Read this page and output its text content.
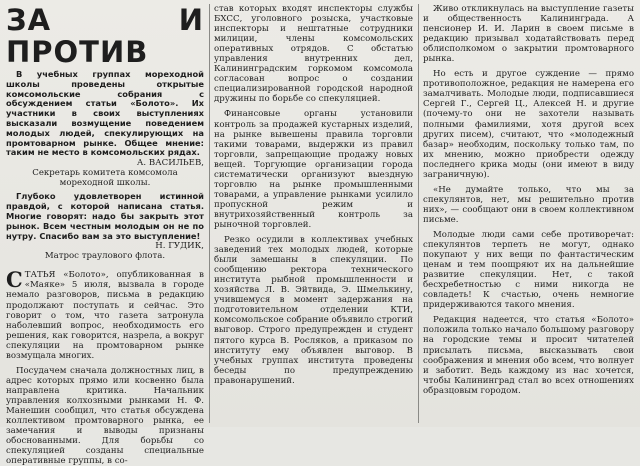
ЗА И ПРОТИВ

В учебных группах мореходной школы проведены открытые комсомольские собрания с обсуждением статьи «Болото». Их участники в своих выступлениях высказали возмущение поведением молодых людей, спекулирующих на промтоварном рынке. Общее мнение: таким не место в комсомольских рядах.

А. ВАСИЛЬЕВ,

Секретарь комитета комсомола мореходной школы.

Глубоко удовлетворен истинной правдой, с которой написана статья. Многие говорят: надо бы закрыть этот рынок. Всем честным молодым он не по нутру. Спасибо вам за это выступление!

Н. ГУДИК,

Матрос траулового флота.

СТАТЬЯ «Болото», опубликованная в «Маяке» 5 июля, вызвала в городе немало разговоров, письма в редакцию продолжают поступать и сейчас. Это говорит о том, что газета затронула наболевший вопрос, необходимость его решения, как говорится, назрела, а вокруг спекуляции на промтоварном рынке возмущала многих.

Посудачем сначала должностных лиц, в адрес которых прямо или косвенно была направлена критика. Начальник управления колхозными рынками Н. Ф. Манешин сообщил, что статья обсуждена коллективом промтоварного рынка, ее замечания и выводы признаны обоснованными. Для борьбы со спекуляцией созданы специальные оперативные группы, в со-

став которых входят инспекторы службы БХСС, уголовного розыска, участковые инспекторы и нештатные сотрудники милиции, члены комсомольских оперативных отрядов. С обстатью управления внутренних дел, Калининградским горкомом комсомола согласован вопрос о создании специализированной городской народной дружины по борьбе со спекуляцией.

Финансовые органы установили контроль за продажей кустарных изделий, на рынке вывешены правила торговли такими товарами, выдержки из правил торговли, запрещающие продажу новых вещей. Торгующие организации города систематически организуют выездную торговлю на рынке промышленными товарами, а управление рынками усилило пропускной режим и внутрихозяйственный контроль за рыночной торговлей.

Резко осудили в коллективах учебных заведений тех молодых людей, которые были замешаны в спекуляции. По сообщению ректора технического института рыбной промышленности и хозяйства Л. В. Эйтвида, Э. Шмелькину, учившемуся в момент задержания на подготовительном отделении КТИ, комсомольское собрание объявило строгий выговор. Строго предупрежден и студент пятого курса В. Росляков, а приказом по институту ему объявлен выговор. В учебных группах института проведены беседы по предупреждению правонарушений.

Живо откликнулась на выступление газеты и общественность Калининграда. А пенсионер И. И. Ларин в своем письме в редакцию призывал ходатайствовать перед облисполкомом о закрытии промтоварного рынка.

Но есть и другое суждение — прямо противоположное, редакция не намерена его замалчивать. Молодые люди, подписавшиеся Сергей Г., Сергей Ц., Алексей Н. и другие (почему-то они не захотели называть полными фамилиями, хотя другой всех других писем), считают, что «молодежный базар» необходим, поскольку только там, по их мнению, можно приобрести одежду последнего крика моды (они имеют в виду заграничную).

«Не думайте только, что мы за спекулянтов, нет, мы решительно против них», — сообщают они в своем коллективном письме.

Молодые люди сами себе противоречат: спекулянтов терпеть не могут, однако покупают у них вещи по фантастическим ценам и тем поощряют их на дальнейшие развитие спекуляции. Нет, с такой бесхребетностью с ними никогда не совладеть! К счастью, очень немногие придерживаются такого мнения.

Редакция надеется, что статья «Болото» положила только начало большому разговору на городские темы и просит читателей присылать письма, высказывать свои соображения и мнения обо всем, что волнует и заботит. Ведь каждому из нас хочется, чтобы Калининград стал во всех отношениях образцовым городом.
